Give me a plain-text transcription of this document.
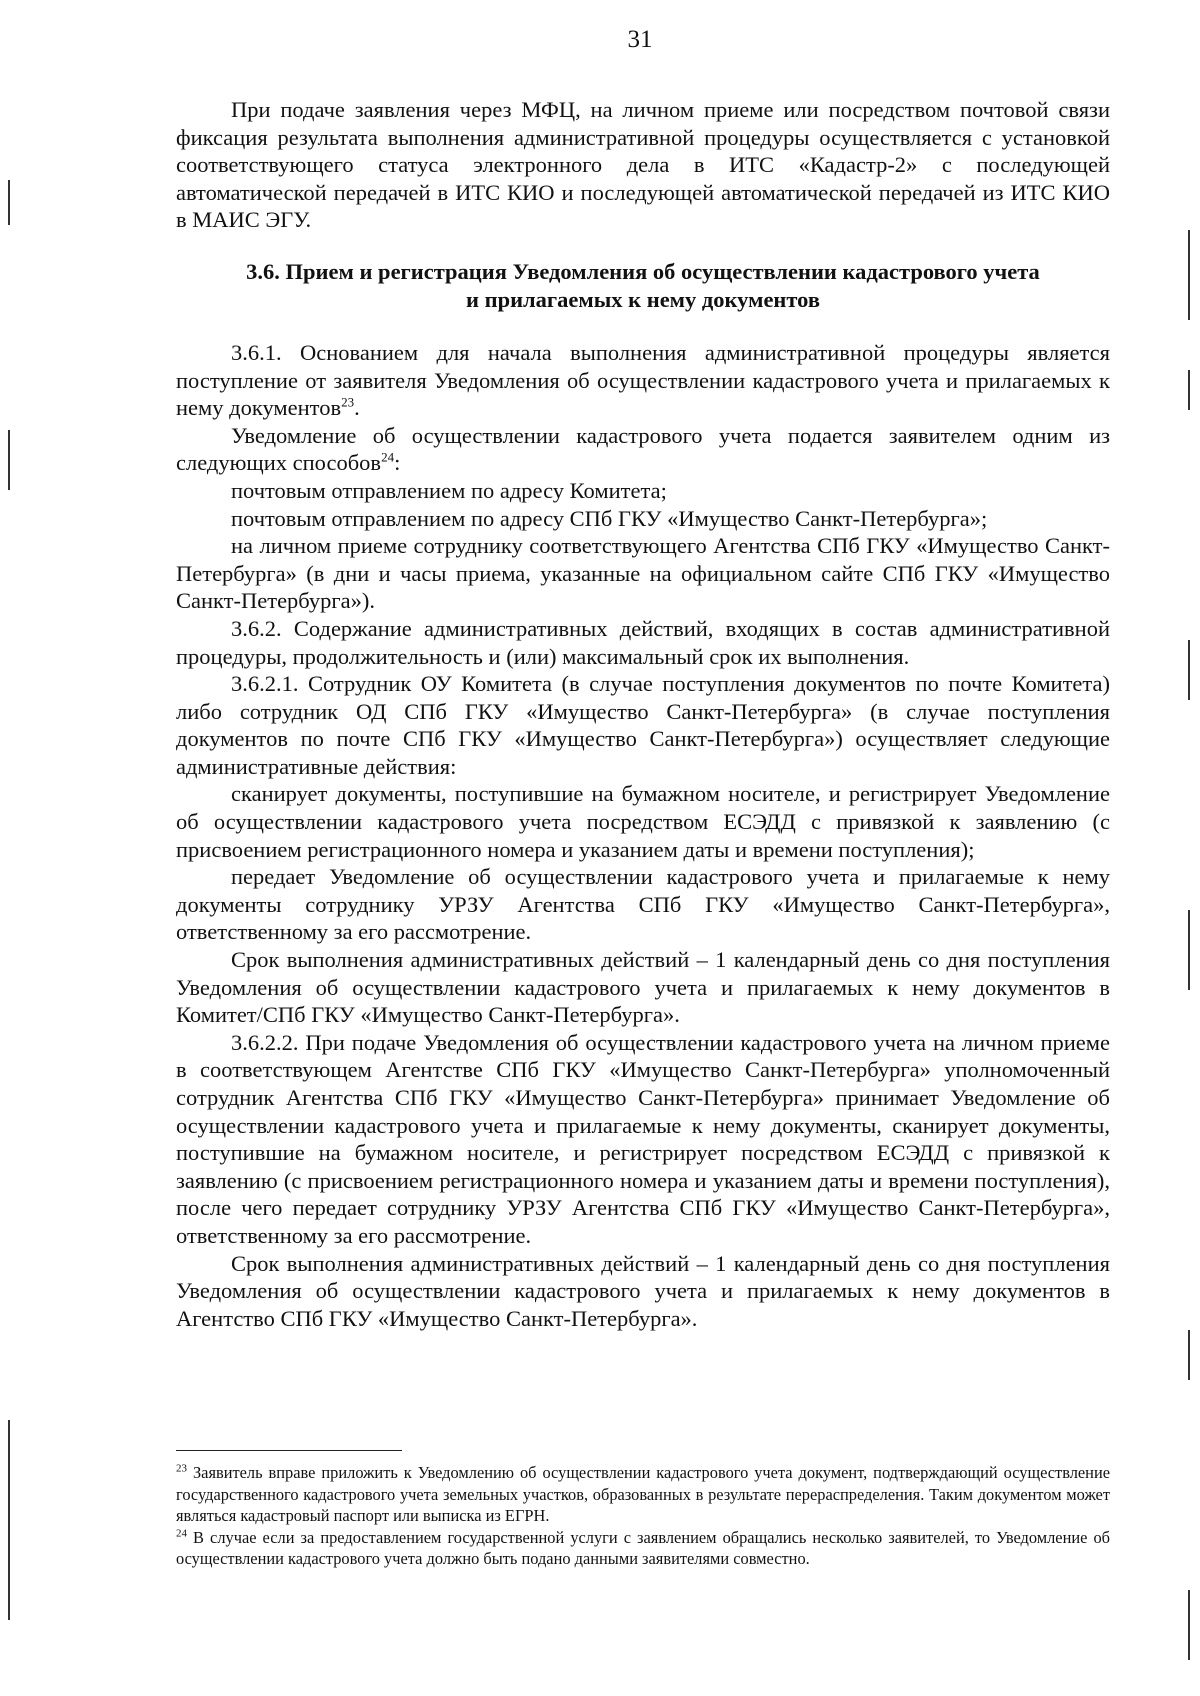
31

При подаче заявления через МФЦ, на личном приеме или посредством почтовой связи фиксация результата выполнения административной процедуры осуществляется с установкой соответствующего статуса электронного дела в ИТС «Кадастр-2» с последующей автоматической передачей в ИТС КИО и последующей автоматической передачей из ИТС КИО в МАИС ЭГУ.

3.6. Прием и регистрация Уведомления об осуществлении кадастрового учета
и прилагаемых к нему документов

3.6.1. Основанием для начала выполнения административной процедуры является поступление от заявителя Уведомления об осуществлении кадастрового учета и прилагаемых к нему документов$^{23}$.

Уведомление об осуществлении кадастрового учета подается заявителем одним из следующих способов$^{24}$:

почтовым отправлением по адресу Комитета;

почтовым отправлением по адресу СПб ГКУ «Имущество Санкт-Петербурга»;

на личном приеме сотруднику соответствующего Агентства СПб ГКУ «Имущество Санкт-Петербурга» (в дни и часы приема, указанные на официальном сайте СПб ГКУ «Имущество Санкт-Петербурга»).

3.6.2. Содержание административных действий, входящих в состав административной процедуры, продолжительность и (или) максимальный срок их выполнения.

3.6.2.1. Сотрудник ОУ Комитета (в случае поступления документов по почте Комитета) либо сотрудник ОД СПб ГКУ «Имущество Санкт-Петербурга» (в случае поступления документов по почте СПб ГКУ «Имущество Санкт-Петербурга») осуществляет следующие административные действия:

сканирует документы, поступившие на бумажном носителе, и регистрирует Уведомление об осуществлении кадастрового учета посредством ЕСЭДД с привязкой к заявлению (с присвоением регистрационного номера и указанием даты и времени поступления);

передает Уведомление об осуществлении кадастрового учета и прилагаемые к нему документы сотруднику УРЗУ Агентства СПб ГКУ «Имущество Санкт-Петербурга», ответственному за его рассмотрение.

Срок выполнения административных действий – 1 календарный день со дня поступления Уведомления об осуществлении кадастрового учета и прилагаемых к нему документов в Комитет/СПб ГКУ «Имущество Санкт-Петербурга».

3.6.2.2. При подаче Уведомления об осуществлении кадастрового учета на личном приеме в соответствующем Агентстве СПб ГКУ «Имущество Санкт-Петербурга» уполномоченный сотрудник Агентства СПб ГКУ «Имущество Санкт-Петербурга» принимает Уведомление об осуществлении кадастрового учета и прилагаемые к нему документы, сканирует документы, поступившие на бумажном носителе, и регистрирует посредством ЕСЭДД с привязкой к заявлению (с присвоением регистрационного номера и указанием даты и времени поступления), после чего передает сотруднику УРЗУ Агентства СПб ГКУ «Имущество Санкт-Петербурга», ответственному за его рассмотрение.

Срок выполнения административных действий – 1 календарный день со дня поступления Уведомления об осуществлении кадастрового учета и прилагаемых к нему документов в Агентство СПб ГКУ «Имущество Санкт-Петербурга».

$^{23}$ Заявитель вправе приложить к Уведомлению об осуществлении кадастрового учета документ, подтверждающий осуществление государственного кадастрового учета земельных участков, образованных в результате перераспределения. Таким документом может являться кадастровый паспорт или выписка из ЕГРН.

$^{24}$ В случае если за предоставлением государственной услуги с заявлением обращались несколько заявителей, то Уведомление об осуществлении кадастрового учета должно быть подано данными заявителями совместно.
